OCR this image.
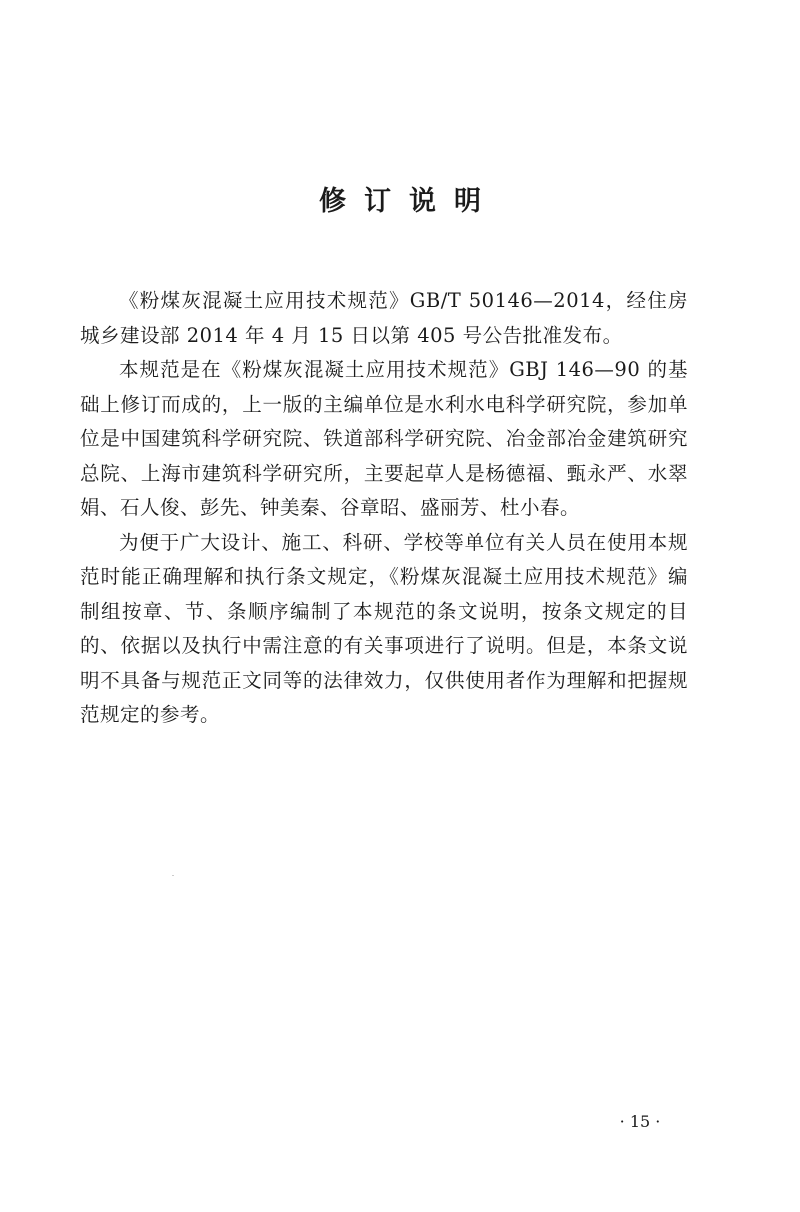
修订说明

《粉煤灰混凝土应用技术规范》GB/T 50146—2014，经住房城乡建设部 2014 年 4 月 15 日以第 405 号公告批准发布。

本规范是在《粉煤灰混凝土应用技术规范》GBJ 146—90 的基础上修订而成的，上一版的主编单位是水利水电科学研究院，参加单位是中国建筑科学研究院、铁道部科学研究院、冶金部冶金建筑研究总院、上海市建筑科学研究所，主要起草人是杨德福、甄永严、水翠娟、石人俊、彭先、钟美秦、谷章昭、盛丽芳、杜小春。

为便于广大设计、施工、科研、学校等单位有关人员在使用本规范时能正确理解和执行条文规定，《粉煤灰混凝土应用技术规范》编制组按章、节、条顺序编制了本规范的条文说明，按条文规定的目的、依据以及执行中需注意的有关事项进行了说明。但是，本条文说明不具备与规范正文同等的法律效力，仅供使用者作为理解和把握规范规定的参考。

· 15 ·
